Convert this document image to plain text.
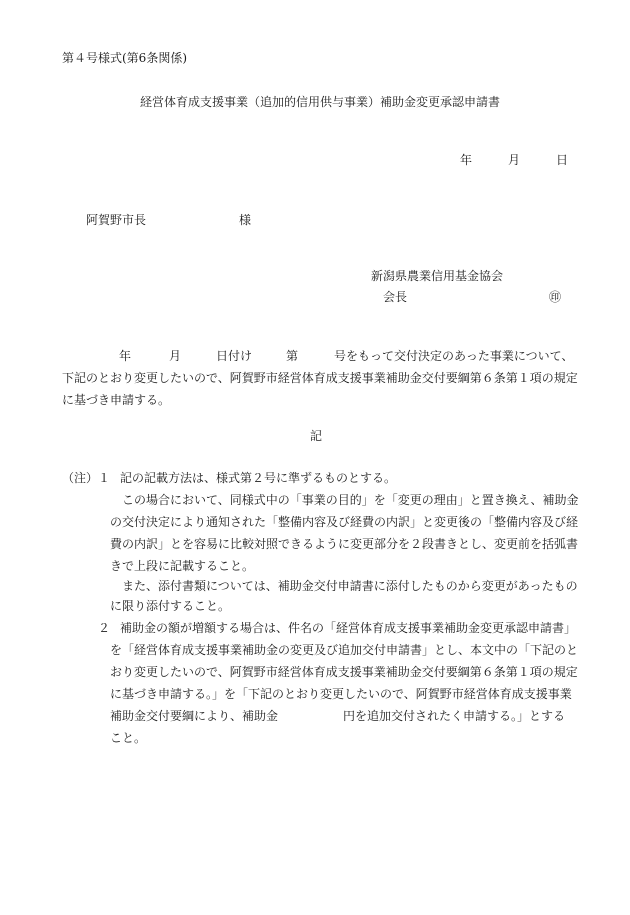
第４号様式(第6条関係)
経営体育成支援事業（追加的信用供与事業）補助金変更承認申請書
年	月	日
阿賀野市長	様
新潟県農業信用基金協会
会長	㊞
年	月	日付け	第	号をもって交付決定のあった事業について、
下記のとおり変更したいので、阿賀野市経営体育成支援事業補助金交付要綱第６条第１項の規定
に基づき申請する。
記
（注） １ 記の記載方法は、様式第２号に準ずるものとする。
この場合において、同様式中の「事業の目的」を「変更の理由」と置き換え、補助金
の交付決定により通知された「整備内容及び経費の内訳」と変更後の「整備内容及び経
費の内訳」とを容易に比較対照できるように変更部分を２段書きとし、変更前を括弧書
きで上段に記載すること。
また、添付書類については、補助金交付申請書に添付したものから変更があったもの
に限り添付すること。
２ 補助金の額が増額する場合は、件名の「経営体育成支援事業補助金変更承認申請書」
を「経営体育成支援事業補助金の変更及び追加交付申請書」とし、本文中の「下記のと
おり変更したいので、阿賀野市経営体育成支援事業補助金交付要綱第６条第１項の規定
に基づき申請する。」を「下記のとおり変更したいので、阿賀野市経営体育成支援事業
補助金交付要綱により、補助金	円を追加交付されたく申請する。」とする
こと。
